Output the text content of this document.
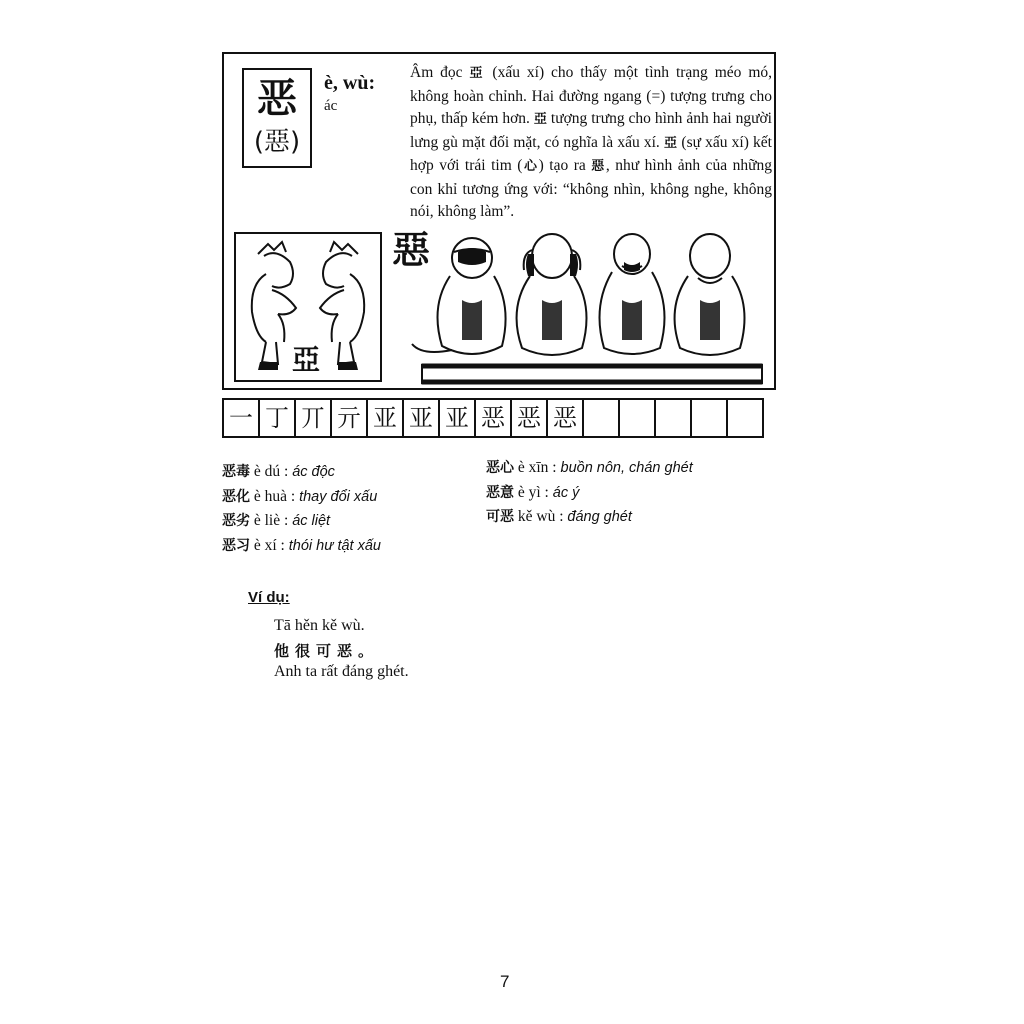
恶
(惡)
è, wù:
ác
Âm đọc 亞 (xấu xí) cho thấy một tình trạng méo mó, không hoàn chỉnh. Hai đường ngang (=) tượng trưng cho phụ, thấp kém hơn. 亞 tượng trưng cho hình ảnh hai người lưng gù mặt đối mặt, có nghĩa là xấu xí. 亞 (sự xấu xí) kết hợp với trái tim (心) tạo ra 惡, như hình ảnh của những con khỉ tương ứng với: “không nhìn, không nghe, không nói, không làm”.
亞
惡
一 丁 丌 亓 亚 亚 亚 恶 恶 恶
恶毒 è dú : ác độc
恶化 è huà : thay đổi xấu
恶劣 è liè : ác liệt
恶习 è xí : thói hư tật xấu
恶心 è xīn : buồn nôn, chán ghét
恶意 è yì : ác ý
可恶 kě wù : đáng ghét
Ví dụ:
Tā hěn kě wù.
他很可恶。
Anh ta rất đáng ghét.
7
